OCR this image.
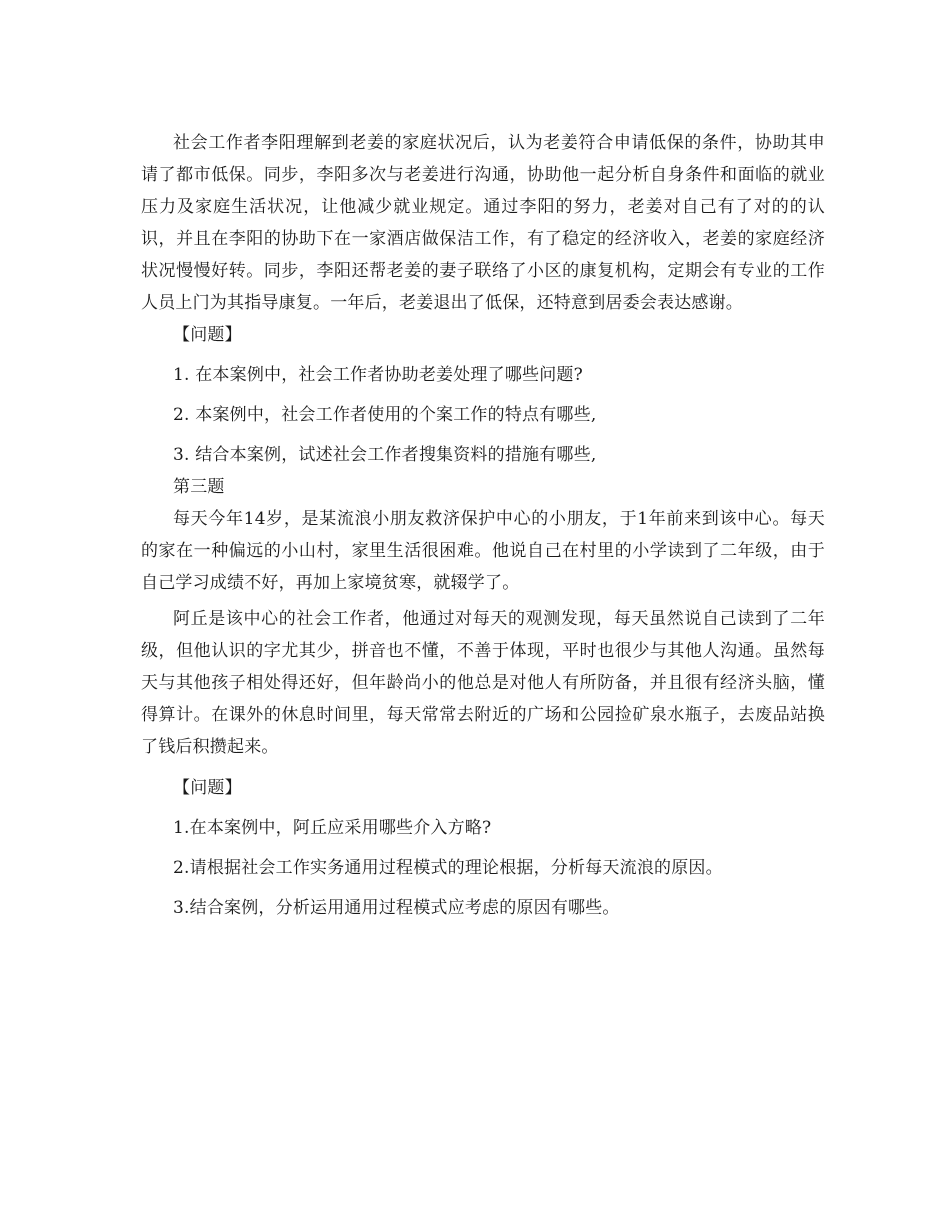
社会工作者李阳理解到老姜的家庭状况后，认为老姜符合申请低保的条件，协助其申请了都市低保。同步，李阳多次与老姜进行沟通，协助他一起分析自身条件和面临的就业压力及家庭生活状况，让他减少就业规定。通过李阳的努力，老姜对自己有了对的的认识，并且在李阳的协助下在一家酒店做保洁工作，有了稳定的经济收入，老姜的家庭经济状况慢慢好转。同步，李阳还帮老姜的妻子联络了小区的康复机构，定期会有专业的工作人员上门为其指导康复。一年后，老姜退出了低保，还特意到居委会表达感谢。

【问题】

1. 在本案例中，社会工作者协助老姜处理了哪些问题?

2. 本案例中，社会工作者使用的个案工作的特点有哪些,

3. 结合本案例，试述社会工作者搜集资料的措施有哪些,

第三题

每天今年14岁，是某流浪小朋友救济保护中心的小朋友，于1年前来到该中心。每天的家在一种偏远的小山村，家里生活很困难。他说自己在村里的小学读到了二年级，由于自己学习成绩不好，再加上家境贫寒，就辍学了。

阿丘是该中心的社会工作者，他通过对每天的观测发现，每天虽然说自己读到了二年级，但他认识的字尤其少，拼音也不懂，不善于体现，平时也很少与其他人沟通。虽然每天与其他孩子相处得还好，但年龄尚小的他总是对他人有所防备，并且很有经济头脑，懂得算计。在课外的休息时间里，每天常常去附近的广场和公园捡矿泉水瓶子，去废品站换了钱后积攒起来。

【问题】

1.在本案例中，阿丘应采用哪些介入方略?

2.请根据社会工作实务通用过程模式的理论根据，分析每天流浪的原因。

3.结合案例，分析运用通用过程模式应考虑的原因有哪些。
